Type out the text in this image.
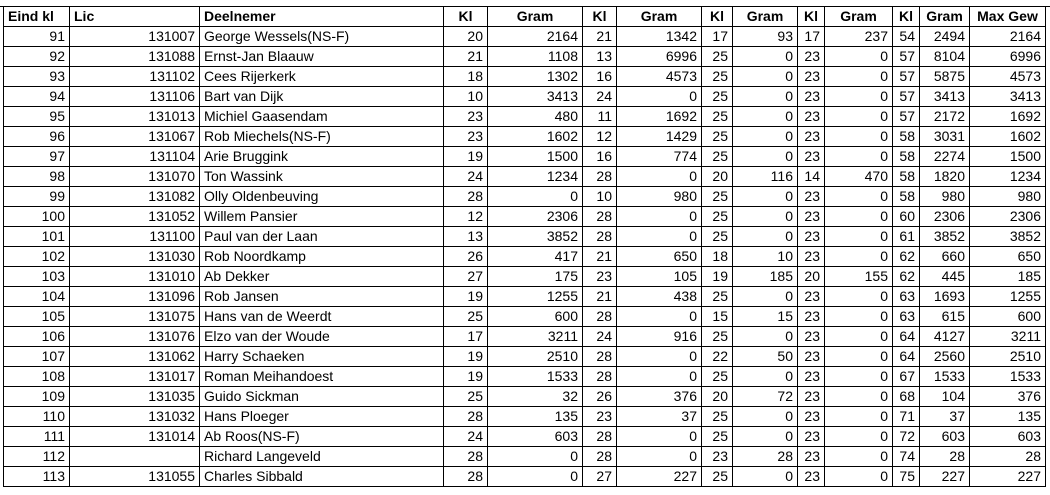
Eind kl	Lic	Deelnemer	Kl	Gram	Kl	Gram	Kl	Gram	Kl	Gram	Kl	Gram	Max Gew
91	131007	George Wessels(NS-F)	20	2164	21	1342	17	93	17	237	54	2494	2164
92	131088	Ernst-Jan Blaauw	21	1108	13	6996	25	0	23	0	57	8104	6996
93	131102	Cees Rijerkerk	18	1302	16	4573	25	0	23	0	57	5875	4573
94	131106	Bart van Dijk	10	3413	24	0	25	0	23	0	57	3413	3413
95	131013	Michiel Gaasendam	23	480	11	1692	25	0	23	0	57	2172	1692
96	131067	Rob Miechels(NS-F)	23	1602	12	1429	25	0	23	0	58	3031	1602
97	131104	Arie Bruggink	19	1500	16	774	25	0	23	0	58	2274	1500
98	131070	Ton Wassink	24	1234	28	0	20	116	14	470	58	1820	1234
99	131082	Olly Oldenbeuving	28	0	10	980	25	0	23	0	58	980	980
100	131052	Willem Pansier	12	2306	28	0	25	0	23	0	60	2306	2306
101	131100	Paul van der Laan	13	3852	28	0	25	0	23	0	61	3852	3852
102	131030	Rob Noordkamp	26	417	21	650	18	10	23	0	62	660	650
103	131010	Ab Dekker	27	175	23	105	19	185	20	155	62	445	185
104	131096	Rob Jansen	19	1255	21	438	25	0	23	0	63	1693	1255
105	131075	Hans van de Weerdt	25	600	28	0	15	15	23	0	63	615	600
106	131076	Elzo van der Woude	17	3211	24	916	25	0	23	0	64	4127	3211
107	131062	Harry Schaeken	19	2510	28	0	22	50	23	0	64	2560	2510
108	131017	Roman Meihandoest	19	1533	28	0	25	0	23	0	67	1533	1533
109	131035	Guido Sickman	25	32	26	376	20	72	23	0	68	104	376
110	131032	Hans Ploeger	28	135	23	37	25	0	23	0	71	37	135
111	131014	Ab Roos(NS-F)	24	603	28	0	25	0	23	0	72	603	603
112		Richard Langeveld	28	0	28	0	23	28	23	0	74	28	28
113	131055	Charles Sibbald	28	0	27	227	25	0	23	0	75	227	227
